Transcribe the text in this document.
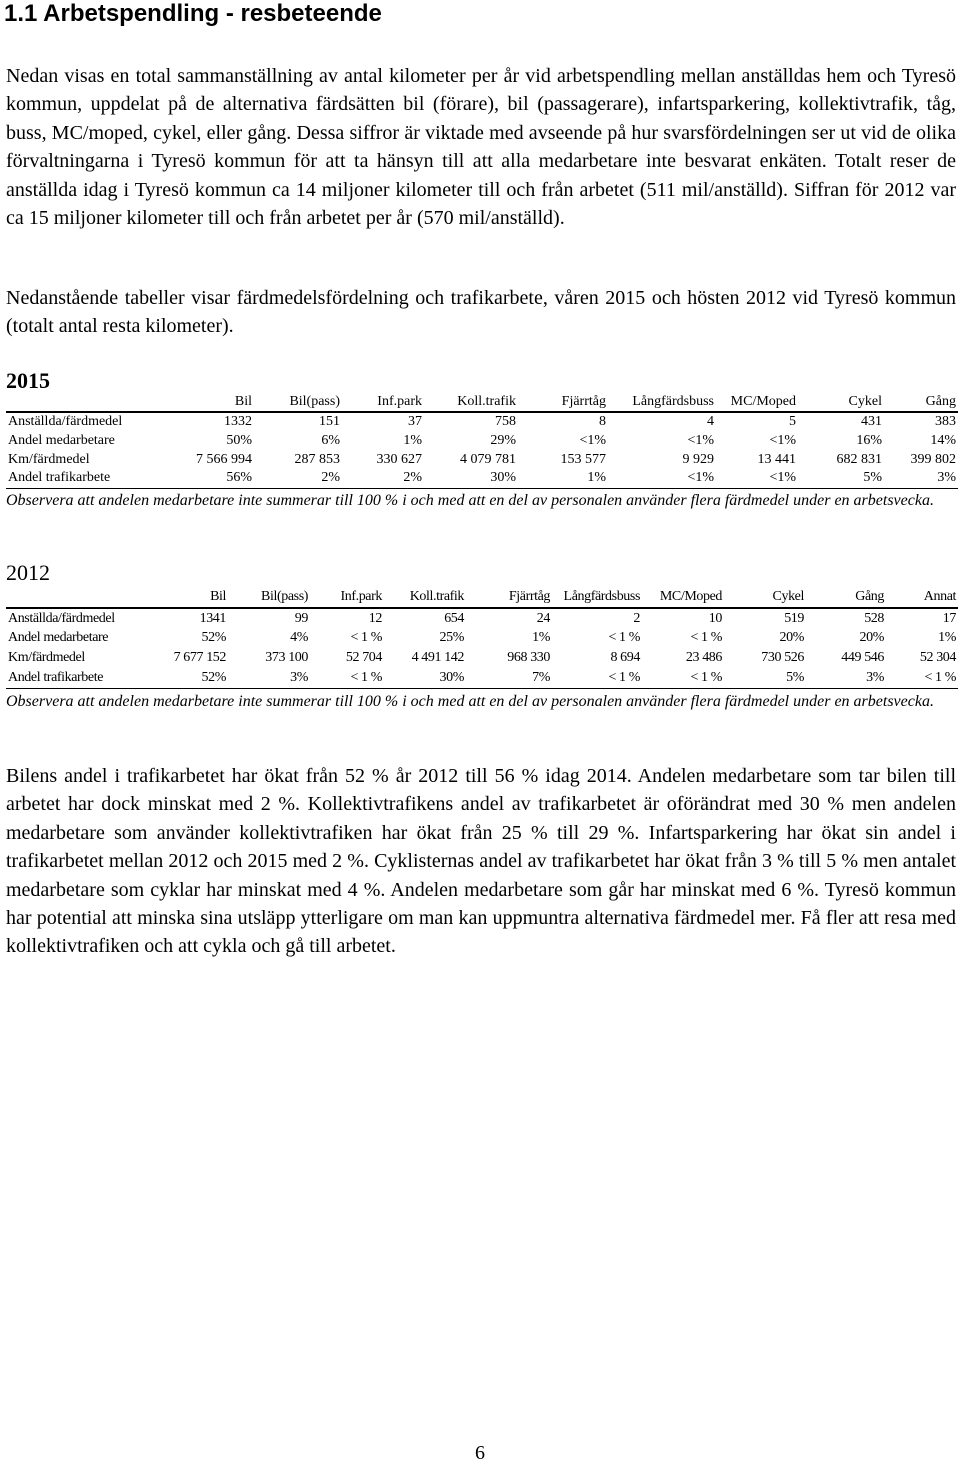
1.1 Arbetspendling - resbeteende

Nedan visas en total sammanställning av antal kilometer per år vid arbetspendling mellan anställdas hem och Tyresö kommun, uppdelat på de alternativa färdsätten bil (förare), bil (passagerare), infartsparkering, kollektivtrafik, tåg, buss, MC/moped, cykel, eller gång. Dessa siffror är viktade med avseende på hur svarsfördelningen ser ut vid de olika förvaltningarna i Tyresö kommun för att ta hänsyn till att alla medarbetare inte besvarat enkäten. Totalt reser de anställda idag i Tyresö kommun ca 14 miljoner kilometer till och från arbetet (511 mil/anställd). Siffran för 2012 var ca 15 miljoner kilometer till och från arbetet per år (570 mil/anställd).

Nedanstående tabeller visar färdmedelsfördelning och trafikarbete, våren 2015 och hösten 2012 vid Tyresö kommun (totalt antal resta kilometer).

2015
	Bil	Bil(pass)	Inf.park	Koll.trafik	Fjärrtåg	Långfärdsbuss	MC/Moped	Cykel	Gång
Anställda/färdmedel	1332	151	37	758	8	4	5	431	383
Andel medarbetare	50%	6%	1%	29%	<1%	<1%	<1%	16%	14%
Km/färdmedel	7 566 994	287 853	330 627	4 079 781	153 577	9 929	13 441	682 831	399 802
Andel trafikarbete	56%	2%	2%	30%	1%	<1%	<1%	5%	3%

Observera att andelen medarbetare inte summerar till 100 % i och med att en del av personalen använder flera färdmedel under en arbetsvecka.

2012
	Bil	Bil(pass)	Inf.park	Koll.trafik	Fjärrtåg	Långfärdsbuss	MC/Moped	Cykel	Gång	Annat
Anställda/färdmedel	1341	99	12	654	24	2	10	519	528	17
Andel medarbetare	52%	4%	< 1 %	25%	1%	< 1 %	< 1 %	20%	20%	1%
Km/färdmedel	7 677 152	373 100	52 704	4 491 142	968 330	8 694	23 486	730 526	449 546	52 304
Andel trafikarbete	52%	3%	< 1 %	30%	7%	< 1 %	< 1 %	5%	3%	< 1 %

Observera att andelen medarbetare inte summerar till 100 % i och med att en del av personalen använder flera färdmedel under en arbetsvecka.

Bilens andel i trafikarbetet har ökat från 52 % år 2012 till 56 % idag 2014. Andelen medarbetare som tar bilen till arbetet har dock minskat med 2 %. Kollektivtrafikens andel av trafikarbetet är oförändrat med 30 % men andelen medarbetare som använder kollektivtrafiken har ökat från 25 % till 29 %. Infartsparkering har ökat sin andel i trafikarbetet mellan 2012 och 2015 med 2 %. Cyklisternas andel av trafikarbetet har ökat från 3 % till 5 % men antalet medarbetare som cyklar har minskat med 4 %. Andelen medarbetare som går har minskat med 6 %. Tyresö kommun har potential att minska sina utsläpp ytterligare om man kan uppmuntra alternativa färdmedel mer. Få fler att resa med kollektivtrafiken och att cykla och gå till arbetet.

6
